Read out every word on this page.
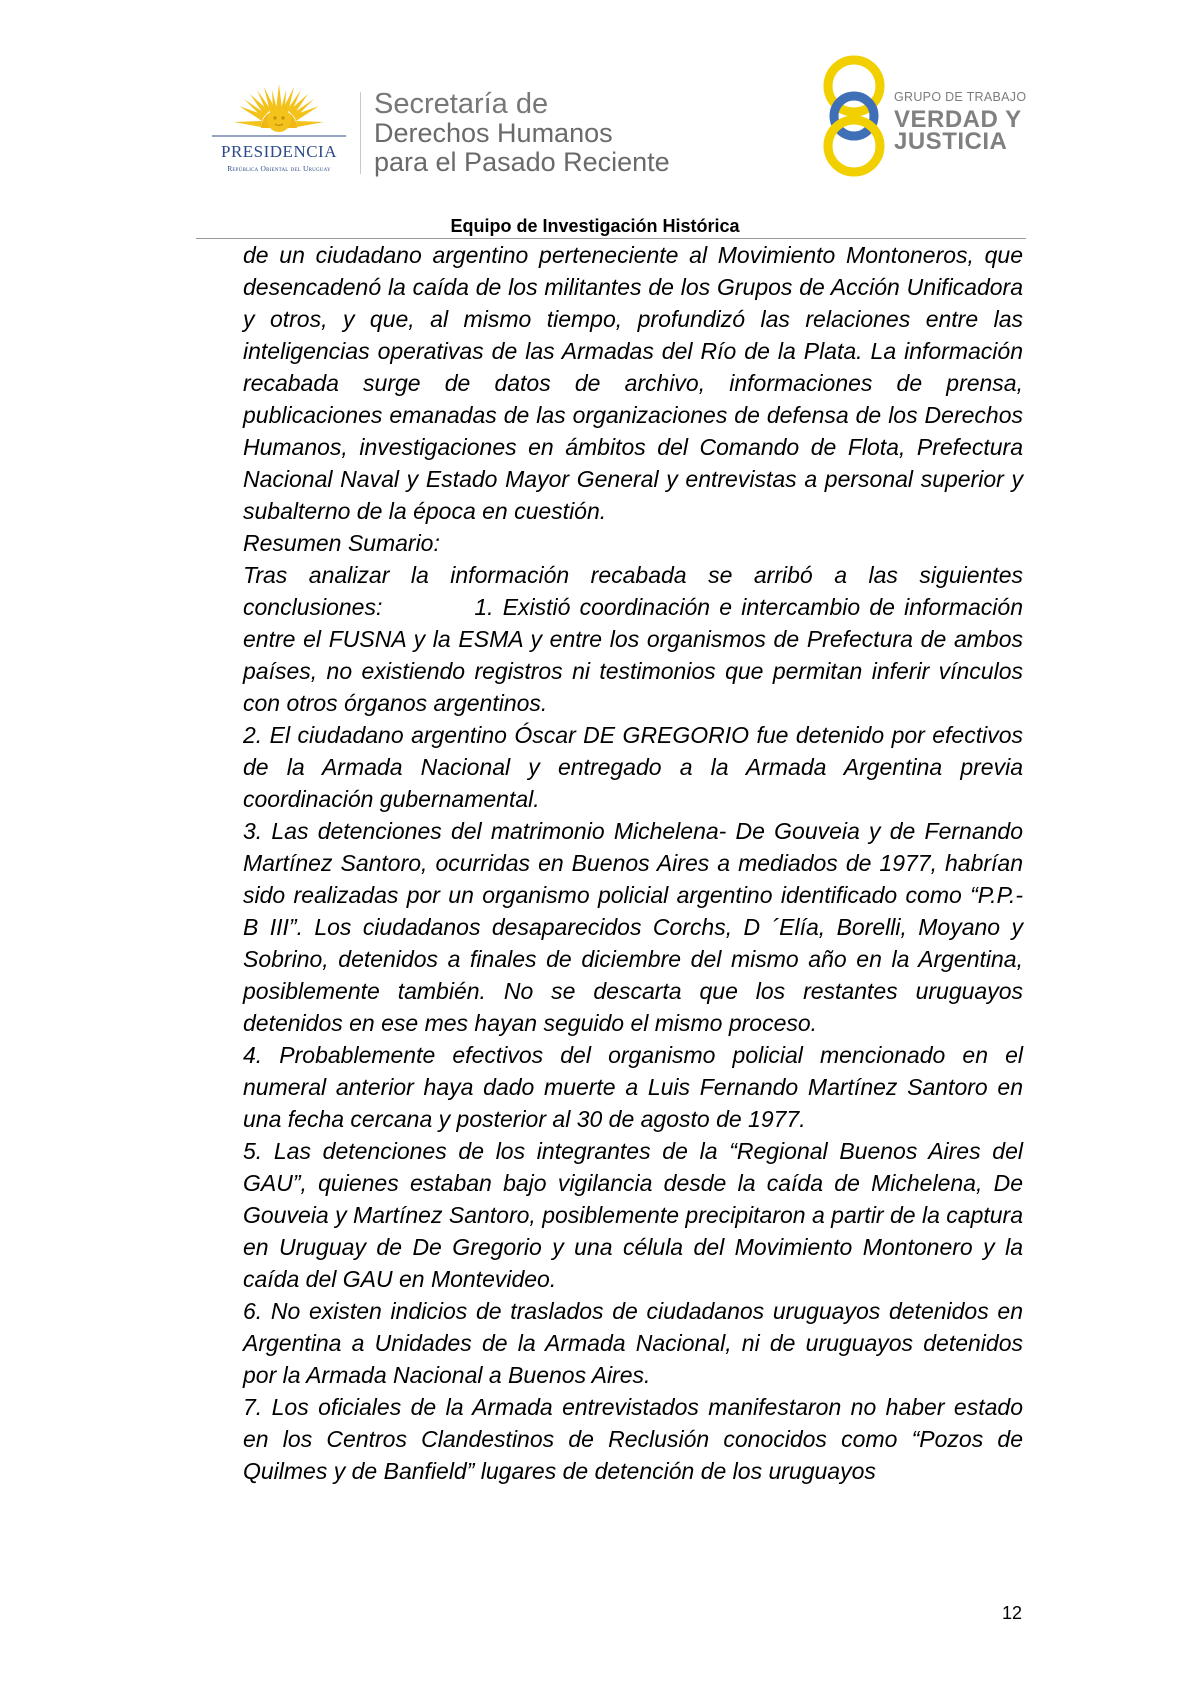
PRESIDENCIA
República Oriental del Uruguay
Secretaría de
Derechos Humanos
para el Pasado Reciente
GRUPO DE TRABAJO
VERDAD Y
JUSTICIA
Equipo de Investigación Histórica

de un ciudadano argentino perteneciente al Movimiento Montoneros, que desencadenó la caída de los militantes de los Grupos de Acción Unificadora y otros, y que, al mismo tiempo, profundizó las relaciones entre las inteligencias operativas de las Armadas del Río de la Plata. La información recabada surge de datos de archivo, informaciones de prensa, publicaciones emanadas de las organizaciones de defensa de los Derechos Humanos, investigaciones en ámbitos del Comando de Flota, Prefectura Nacional Naval y Estado Mayor General y entrevistas a personal superior y subalterno de la época en cuestión.

Resumen Sumario:

Tras analizar la información recabada se arribó a las siguientes conclusiones:          1. Existió coordinación e intercambio de información entre el FUSNA y la ESMA y entre los organismos de Prefectura de ambos países, no existiendo registros ni testimonios que permitan inferir vínculos con otros órganos argentinos.

2. El ciudadano argentino Óscar DE GREGORIO fue detenido por efectivos de la Armada Nacional y entregado a la Armada Argentina previa coordinación gubernamental.

3. Las detenciones del matrimonio Michelena- De Gouveia y de Fernando Martínez Santoro, ocurridas en Buenos Aires a mediados de 1977, habrían sido realizadas por un organismo policial argentino identificado como “P.P.- B III”. Los ciudadanos desaparecidos Corchs, D ´Elía, Borelli, Moyano y Sobrino, detenidos a finales de diciembre del mismo año en la Argentina, posiblemente también. No se descarta que los restantes uruguayos detenidos en ese mes hayan seguido el mismo proceso.

4. Probablemente efectivos del organismo policial mencionado en el numeral anterior haya dado muerte a Luis Fernando Martínez Santoro en una fecha cercana y posterior al 30 de agosto de 1977.

5. Las detenciones de los integrantes de la “Regional Buenos Aires del GAU”, quienes estaban bajo vigilancia desde la caída de Michelena, De Gouveia y Martínez Santoro, posiblemente precipitaron a partir de la captura en Uruguay de De Gregorio y una célula del Movimiento Montonero y la caída del GAU en Montevideo.

6. No existen indicios de traslados de ciudadanos uruguayos detenidos en Argentina a Unidades de la Armada Nacional, ni de uruguayos detenidos por la Armada Nacional a Buenos Aires.

7. Los oficiales de la Armada entrevistados manifestaron no haber estado en los Centros Clandestinos de Reclusión conocidos como “Pozos de Quilmes y de Banfield” lugares de detención de los uruguayos

12
